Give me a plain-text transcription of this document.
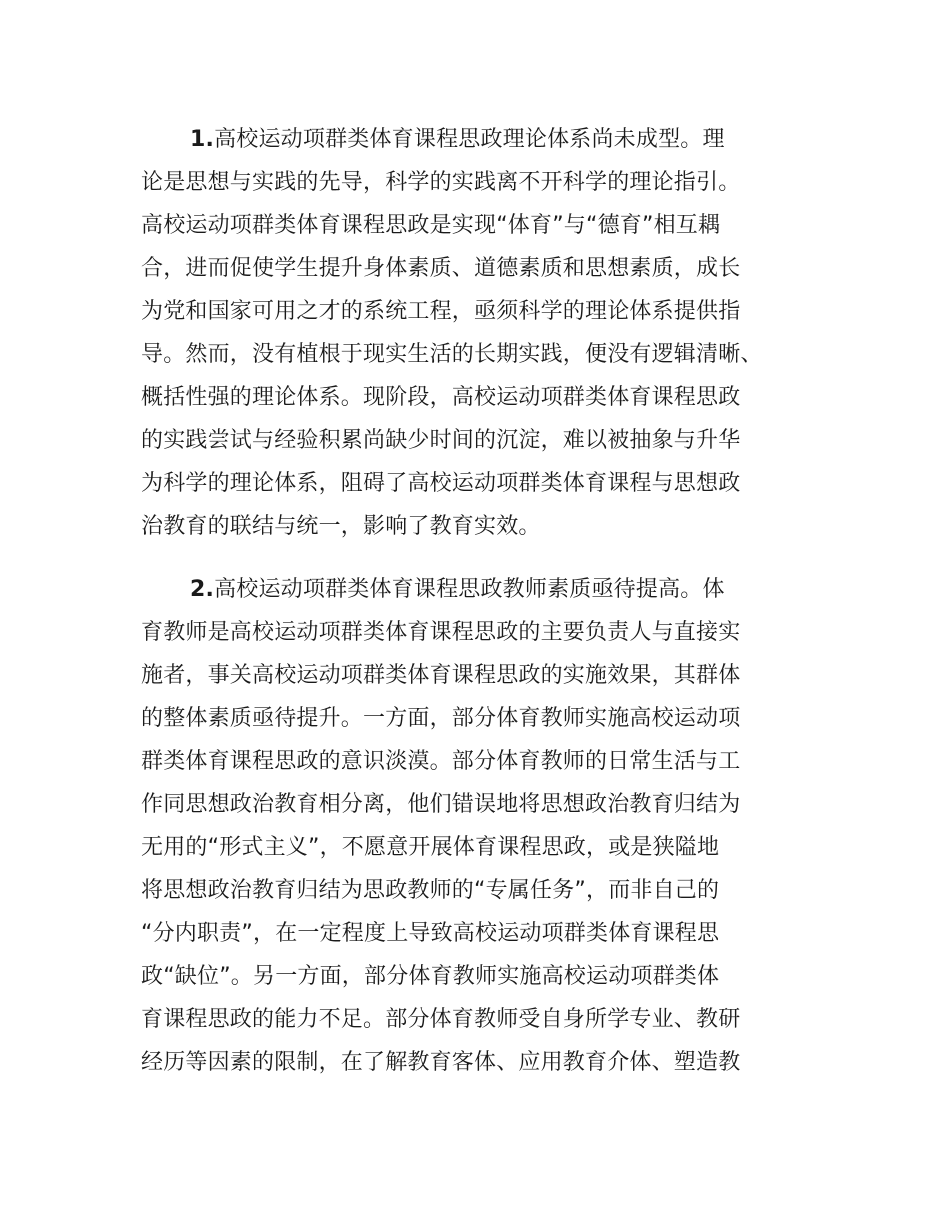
1.高校运动项群类体育课程思政理论体系尚未成型。理
论是思想与实践的先导，科学的实践离不开科学的理论指引。
高校运动项群类体育课程思政是实现“体育”与“德育”相互耦
合，进而促使学生提升身体素质、道德素质和思想素质，成长
为党和国家可用之才的系统工程，亟须科学的理论体系提供指
导。然而，没有植根于现实生活的长期实践，便没有逻辑清晰、
概括性强的理论体系。现阶段，高校运动项群类体育课程思政
的实践尝试与经验积累尚缺少时间的沉淀，难以被抽象与升华
为科学的理论体系，阻碍了高校运动项群类体育课程与思想政
治教育的联结与统一，影响了教育实效。
2.高校运动项群类体育课程思政教师素质亟待提高。体
育教师是高校运动项群类体育课程思政的主要负责人与直接实
施者，事关高校运动项群类体育课程思政的实施效果，其群体
的整体素质亟待提升。一方面，部分体育教师实施高校运动项
群类体育课程思政的意识淡漠。部分体育教师的日常生活与工
作同思想政治教育相分离，他们错误地将思想政治教育归结为
无用的“形式主义”，不愿意开展体育课程思政，或是狭隘地
将思想政治教育归结为思政教师的“专属任务”，而非自己的
“分内职责”，在一定程度上导致高校运动项群类体育课程思
政“缺位”。另一方面，部分体育教师实施高校运动项群类体
育课程思政的能力不足。部分体育教师受自身所学专业、教研
经历等因素的限制，在了解教育客体、应用教育介体、塑造教
